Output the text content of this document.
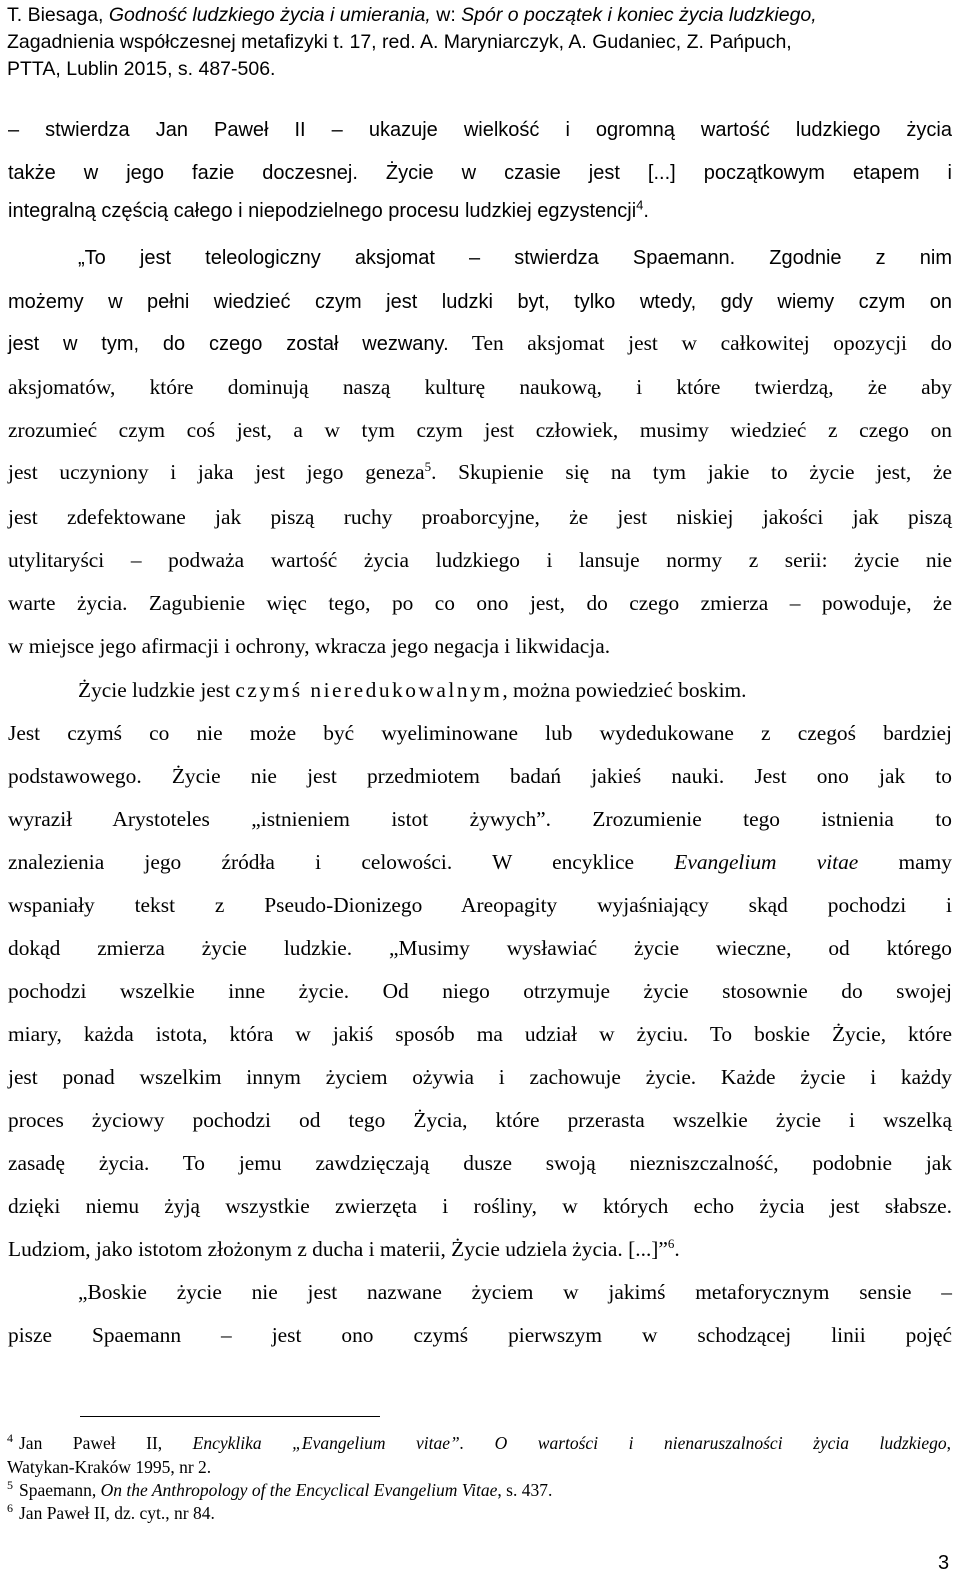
T. Biesaga, Godność ludzkiego życia i umierania, w: Spór o początek i koniec życia ludzkiego,
Zagadnienia współczesnej metafizyki t. 17, red. A. Maryniarczyk, A. Gudaniec, Z. Pańpuch,
PTTA, Lublin 2015, s. 487-506.
– stwierdza Jan Paweł II – ukazuje wielkość i ogromną wartość ludzkiego życia
także w jego fazie doczesnej. Życie w czasie jest [...] początkowym etapem i
integralną częścią całego i niepodzielnego procesu ludzkiej egzystencji$^4$.
„To jest teleologiczny aksjomat – stwierdza Spaemann. Zgodnie z nim
możemy w pełni wiedzieć czym jest ludzki byt, tylko wtedy, gdy wiemy czym on
jest w tym, do czego został wezwany. Ten aksjomat jest w całkowitej opozycji do
aksjomatów, które dominują naszą kulturę naukową, i które twierdzą, że aby
zrozumieć czym coś jest, a w tym czym jest człowiek, musimy wiedzieć z czego on
jest uczyniony i jaka jest jego geneza$^5$. Skupienie się na tym jakie to życie jest, że
jest zdefektowane jak piszą ruchy proaborcyjne, że jest niskiej jakości jak piszą
utylitaryści – podważa wartość życia ludzkiego i lansuje normy z serii: życie nie
warte życia. Zagubienie więc tego, po co ono jest, do czego zmierza – powoduje, że
w miejsce jego afirmacji i ochrony, wkracza jego negacja i likwidacja.
Życie ludzkie jest czymś nieredukowalnym, można powiedzieć boskim.
Jest czymś co nie może być wyeliminowane lub wydedukowane z czegoś bardziej
podstawowego. Życie nie jest przedmiotem badań jakieś nauki. Jest ono jak to
wyraził Arystoteles „istnieniem istot żywych”. Zrozumienie tego istnienia to
znalezienia jego źródła i celowości. W encyklice Evangelium vitae mamy
wspaniały tekst z Pseudo-Dionizego Areopagity wyjaśniający skąd pochodzi i
dokąd zmierza życie ludzkie. „Musimy wysławiać życie wieczne, od którego
pochodzi wszelkie inne życie. Od niego otrzymuje życie stosownie do swojej
miary, każda istota, która w jakiś sposób ma udział w życiu. To boskie Życie, które
jest ponad wszelkim innym życiem ożywia i zachowuje życie. Każde życie i każdy
proces życiowy pochodzi od tego Życia, które przerasta wszelkie życie i wszelką
zasadę życia. To jemu zawdzięczają dusze swoją niezniszczalność, podobnie jak
dzięki niemu żyją wszystkie zwierzęta i rośliny, w których echo życia jest słabsze.
Ludziom, jako istotom złożonym z ducha i materii, Życie udziela życia. [...]”$^6$.
„Boskie życie nie jest nazwane życiem w jakimś metaforycznym sensie –
pisze Spaemann – jest ono czymś pierwszym w schodzącej linii pojęć
$^4$ Jan Paweł II, Encyklika „Evangelium vitae”. O wartości i nienaruszalności życia ludzkiego,
Watykan-Kraków 1995, nr 2.
$^5$ Spaemann, On the Anthropology of the Encyclical Evangelium Vitae, s. 437.
$^6$ Jan Paweł II, dz. cyt., nr 84.
3
